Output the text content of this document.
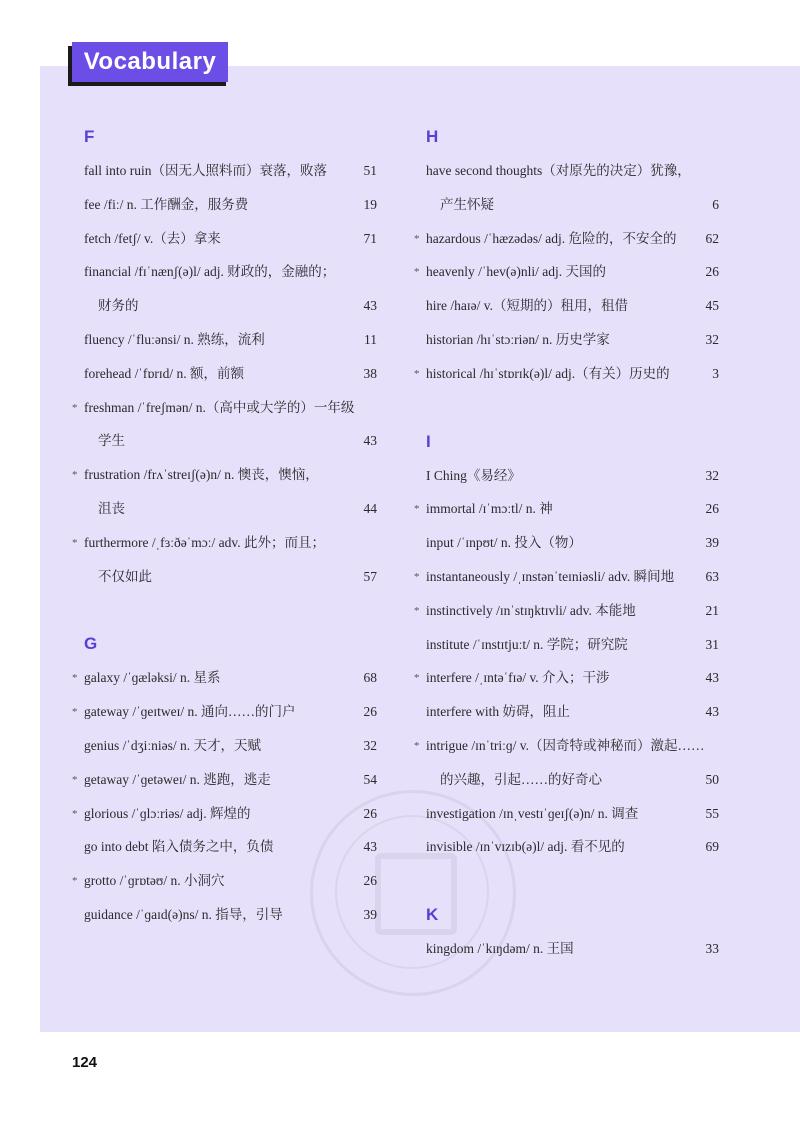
Vocabulary
F
fall into ruin（因无人照料而）衰落，败落	51
fee /fiː/ n. 工作酬金，服务费	19
fetch /fetʃ/ v.（去）拿来	71
financial /fɪˈnænʃ(ə)l/ adj. 财政的，金融的；
财务的	43
fluency /ˈfluːənsi/ n. 熟练，流利	11
forehead /ˈfɒrɪd/ n. 额，前额	38
* freshman /ˈfreʃmən/ n.（高中或大学的）一年级
学生	43
* frustration /frʌˈstreɪʃ(ə)n/ n. 懊丧，懊恼，
沮丧	44
* furthermore /ˌfɜːðəˈmɔː/ adv. 此外；而且；
不仅如此	57
G
* galaxy /ˈɡæləksi/ n. 星系	68
* gateway /ˈɡeɪtweɪ/ n. 通向……的门户	26
genius /ˈdʒiːniəs/ n. 天才，天赋	32
* getaway /ˈɡetəweɪ/ n. 逃跑，逃走	54
* glorious /ˈɡlɔːriəs/ adj. 辉煌的	26
go into debt 陷入债务之中，负债	43
* grotto /ˈɡrɒtəʊ/ n. 小洞穴	26
guidance /ˈɡaɪd(ə)ns/ n. 指导，引导	39
H
have second thoughts（对原先的决定）犹豫，
产生怀疑	6
* hazardous /ˈhæzədəs/ adj. 危险的，不安全的 62
* heavenly /ˈhev(ə)nli/ adj. 天国的	26
hire /haɪə/ v.（短期的）租用，租借	45
historian /hɪˈstɔːriən/ n. 历史学家	32
* historical /hɪˈstɒrɪk(ə)l/ adj.（有关）历史的	3
I
I Ching《易经》	32
* immortal /ɪˈmɔːtl/ n. 神	26
input /ˈɪnpʊt/ n. 投入（物）	39
* instantaneously /ˌɪnstənˈteɪniəsli/ adv. 瞬间地 63
* instinctively /ɪnˈstɪŋktɪvli/ adv. 本能地	21
institute /ˈɪnstɪtjuːt/ n. 学院；研究院	31
* interfere /ˌɪntəˈfɪə/ v. 介入；干涉	43
interfere with 妨碍，阻止	43
* intrigue /ɪnˈtriːɡ/ v.（因奇特或神秘而）激起……
的兴趣，引起……的好奇心	50
investigation /ɪnˌvestɪˈɡeɪʃ(ə)n/ n. 调查	55
invisible /ɪnˈvɪzɪb(ə)l/ adj. 看不见的	69
K
kingdom /ˈkɪŋdəm/ n. 王国	33
124
